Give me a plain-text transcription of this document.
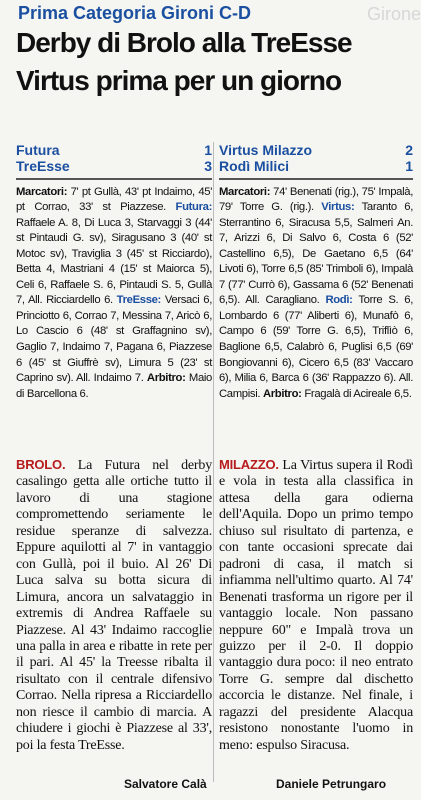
Girone
Prima Categoria Gironi C-D
Derby di Brolo alla TreEsse
Virtus prima per un giorno
Futura	1
TreEsse	3
Marcatori: 7' pt Gullà, 43' pt Indaimo, 45' pt Corrao, 33' st Piazzese. Futura: Raffaele A. 8, Di Luca 3, Starvaggi 3 (44' st Pintaudi G. sv), Siragusano 3 (40' st Motoc sv), Traviglia 3 (45' st Ricciardo), Betta 4, Mastriani 4 (15' st Maiorca 5), Celi 6, Raffaele S. 6, Pintaudi S. 5, Gullà 7, All. Ricciardello 6. TreEsse: Versaci 6, Princiotto 6, Corrao 7, Messina 7, Aricò 6, Lo Cascio 6 (48' st Graffagnino sv), Gaglio 7, Indaimo 7, Pagana 6, Piazzese 6 (45' st Giuffrè sv), Limura 5 (23' st Caprino sv). All. Indaimo 7. Arbitro: Maio di Barcellona 6.
Virtus Milazzo	2
Rodì Milici	1
Marcatori: 74' Benenati (rig.), 75' Impalà, 79' Torre G. (rig.). Virtus: Taranto 6, Sterrantino 6, Siracusa 5,5, Salmeri An. 7, Arizzi 6, Di Salvo 6, Costa 6 (52' Castellino 6,5), De Gaetano 6,5 (64' Livoti 6), Torre 6,5 (85' Trimboli 6), Impalà 7 (77' Currò 6), Gassama 6 (52' Benenati 6,5). All. Caragliano. Rodì: Torre S. 6, Lombardo 6 (77' Aliberti 6), Munafò 6, Campo 6 (59' Torre G. 6,5), Triflìò 6, Baglione 6,5, Calabrò 6, Puglisi 6,5 (69' Bongiovanni 6), Cicero 6,5 (83' Vaccaro 6), Milia 6, Barca 6 (36' Rappazzo 6). All. Campisi. Arbitro: Fragalà di Acireale 6,5.
BROLO. La Futura nel derby casalingo getta alle ortiche tutto il lavoro di una stagione compromettendo seriamente le residue speranze di salvezza. Eppure aquilotti al 7' in vantaggio con Gullà, poi il buio. Al 26' Di Luca salva su botta sicura di Limura, ancora un salvataggio in extremis di Andrea Raffaele su Piazzese. Al 43' Indaimo raccoglie una palla in area e ribatte in rete per il pari. Al 45' la Treesse ribalta il risultato con il centrale difensivo Corrao. Nella ripresa a Ricciardello non riesce il cambio di marcia. A chiudere i giochi è Piazzese al 33', poi la festa TreEsse.
MILAZZO. La Virtus supera il Rodì e vola in testa alla classifica in attesa della gara odierna dell'Aquila. Dopo un primo tempo chiuso sul risultato di partenza, e con tante occasioni sprecate dai padroni di casa, il match si infiamma nell'ultimo quarto. Al 74' Benenati trasforma un rigore per il vantaggio locale. Non passano neppure 60" e Impalà trova un guizzo per il 2-0. Il doppio vantaggio dura poco: il neo entrato Torre G. sempre dal dischetto accorcia le distanze. Nel finale, i ragazzi del presidente Alacqua resistono nonostante l'uomo in meno: espulso Siracusa.
Salvatore Calà	Daniele Petrungaro
